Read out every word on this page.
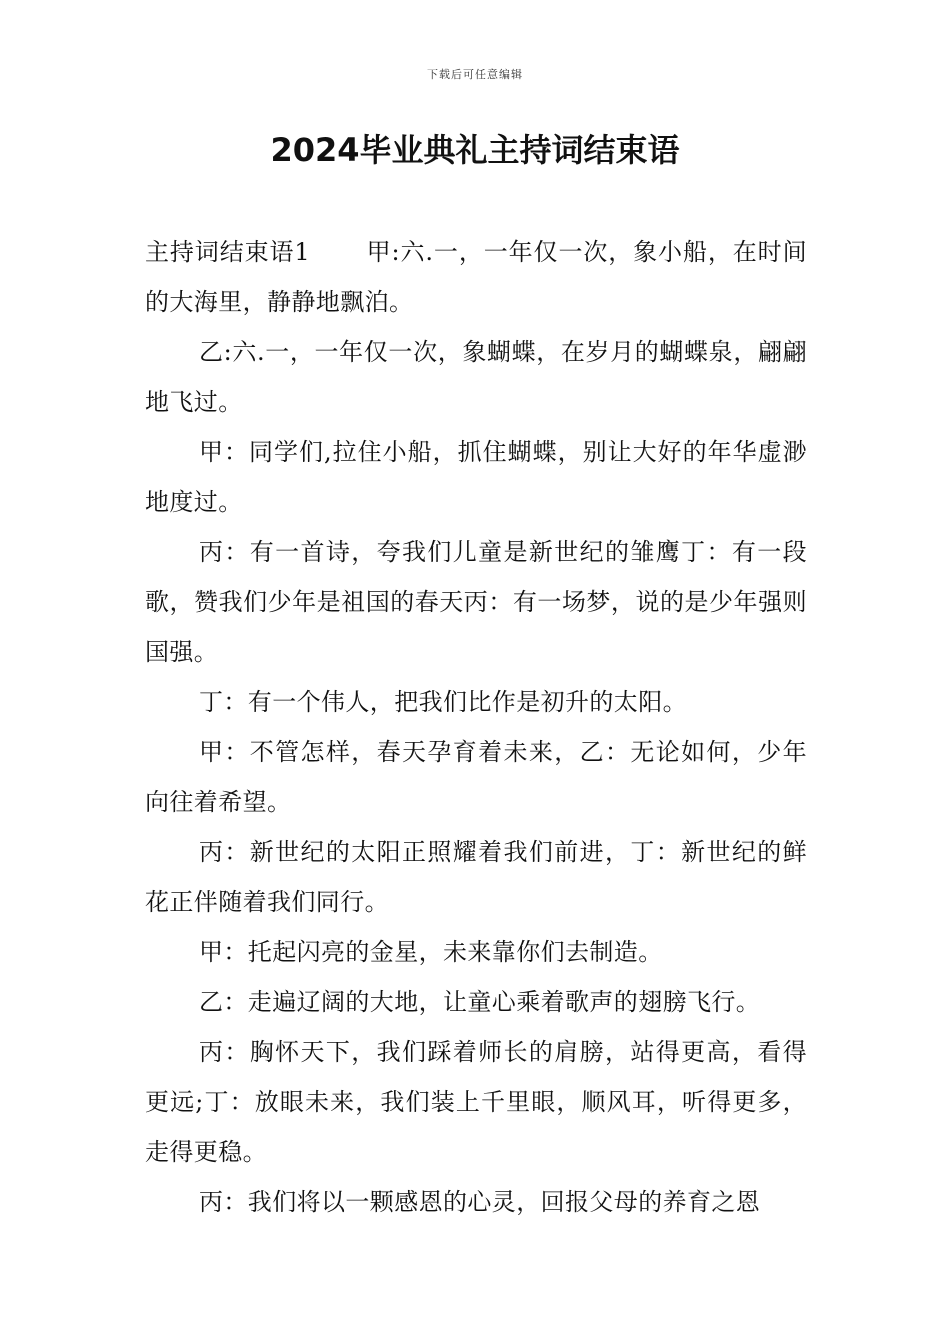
下载后可任意编辑
2024毕业典礼主持词结束语

主持词结束语1 甲:六.一，一年仅一次，象小船，在时间的大海里，静静地飘泊。

乙:六.一，一年仅一次，象蝴蝶，在岁月的蝴蝶泉，翩翩地飞过。

甲：同学们,拉住小船，抓住蝴蝶，别让大好的年华虚渺地度过。

丙：有一首诗，夸我们儿童是新世纪的雏鹰丁：有一段歌，赞我们少年是祖国的春天丙：有一场梦，说的是少年强则国强。

丁：有一个伟人，把我们比作是初升的太阳。

甲：不管怎样，春天孕育着未来，乙：无论如何，少年向往着希望。

丙：新世纪的太阳正照耀着我们前进，丁：新世纪的鲜花正伴随着我们同行。

甲：托起闪亮的金星，未来靠你们去制造。

乙：走遍辽阔的大地，让童心乘着歌声的翅膀飞行。

丙：胸怀天下，我们踩着师长的肩膀，站得更高，看得更远;丁：放眼未来，我们装上千里眼，顺风耳，听得更多，走得更稳。

丙：我们将以一颗感恩的心灵，回报父母的养育之恩
